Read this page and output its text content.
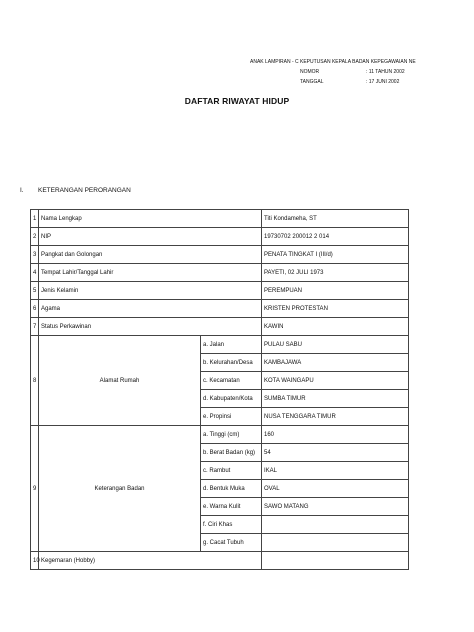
ANAK LAMPIRAN - C KEPUTUSAN KEPALA BADAN KEPEGAWAIAN NE
NOMOR	: 11 TAHUN 2002
TANGGAL	: 17 JUNI 2002
DAFTAR RIWAYAT HIDUP
I. KETERANGAN PERORANGAN
1	Nama Lengkap		Titi Kondameha, ST
2	NIP		19730702 200012 2 014
3	Pangkat dan Golongan		PENATA TINGKAT I (III/d)
4	Tempat Lahir/Tanggal Lahir		PAYETI, 02 JULI 1973
5	Jenis Kelamin		PEREMPUAN
6	Agama		KRISTEN PROTESTAN
7	Status Perkawinan		KAWIN
8	Alamat Rumah	a. Jalan	PULAU SABU
		b. Kelurahan/Desa	KAMBAJAWA
		c. Kecamatan	KOTA WAINGAPU
		d. Kabupaten/Kota	SUMBA TIMUR
		e. Propinsi	NUSA TENGGARA TIMUR
9	Keterangan Badan	a. Tinggi (cm)	160
		b. Berat Badan (kg)	54
		c. Rambut	IKAL
		d. Bentuk Muka	OVAL
		e. Warna Kulit	SAWO MATANG
		f. Ciri Khas	
		g. Cacat Tubuh	
10	Kegemaran (Hobby)		
